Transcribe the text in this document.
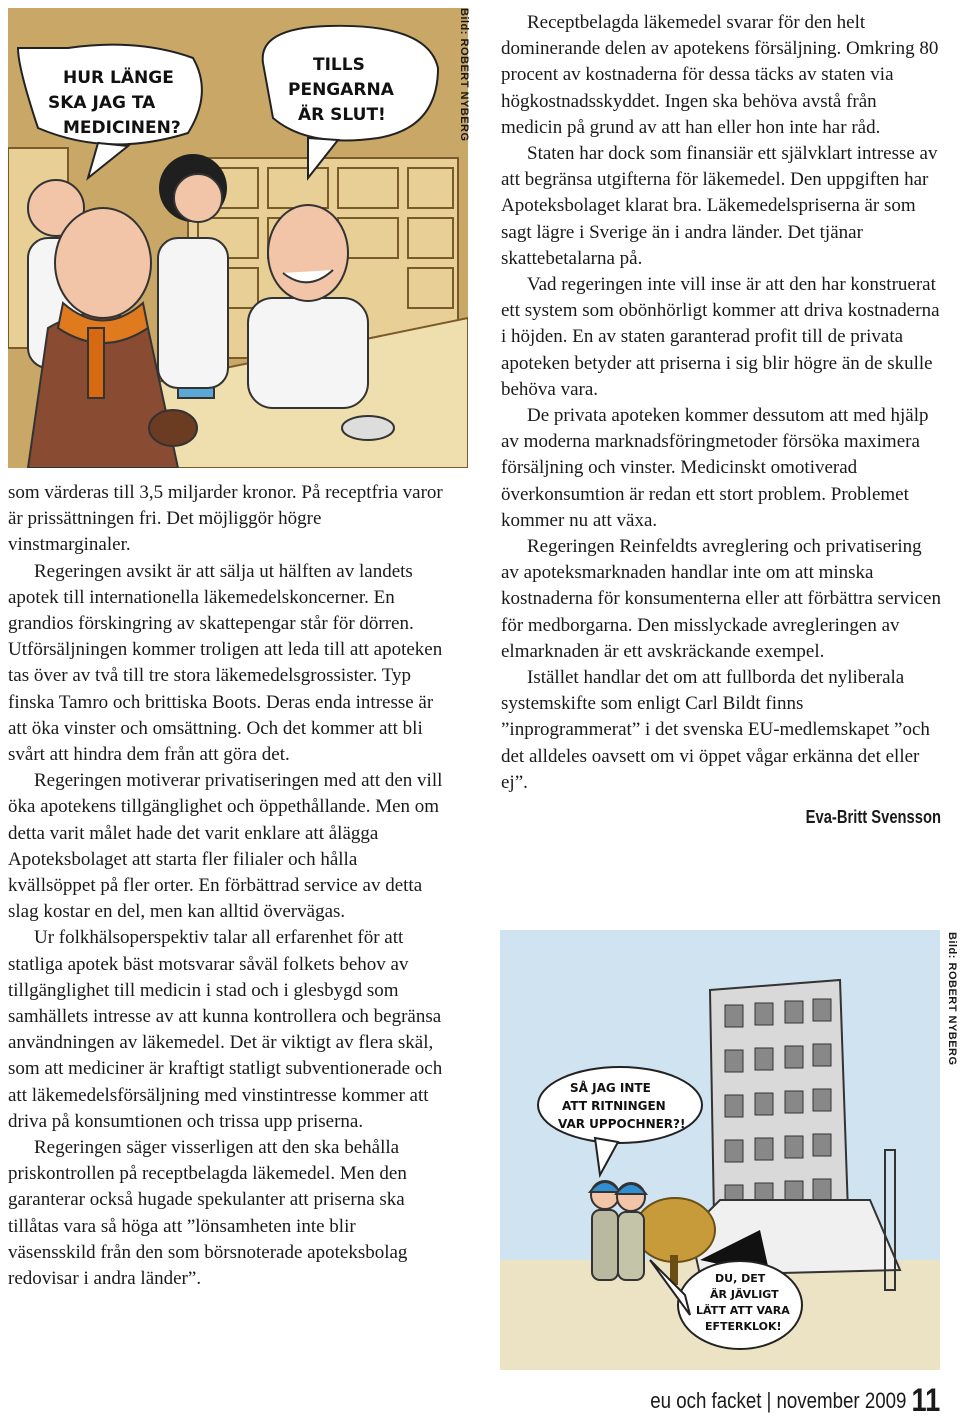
HUR LÄNGE SKA JAG TA MEDICINEN?
TILLS PENGARNA ÄR SLUT!	Bild: ROBERT NYBERG

som värderas till 3,5 miljarder kronor. På receptfria varor är prissättningen fri. Det möjliggör högre vinstmarginaler.

Regeringen avsikt är att sälja ut hälften av landets apotek till internationella läkemedelskoncerner. En grandios förskingring av skattepengar står för dörren. Utförsäljningen kommer troligen att leda till att apoteken tas över av två till tre stora läkemedelsgrossister. Typ finska Tamro och brittiska Boots. Deras enda intresse är att öka vinster och omsättning. Och det kommer att bli svårt att hindra dem från att göra det.

Regeringen motiverar privatiseringen med att den vill öka apotekens tillgänglighet och öppethållande. Men om detta varit målet hade det varit enklare att ålägga Apoteksbolaget att starta fler filialer och hålla kvällsöppet på fler orter. En förbättrad service av detta slag kostar en del, men kan alltid övervägas.

Ur folkhälsoperspektiv talar all erfarenhet för att statliga apotek bäst motsvarar såväl folkets behov av tillgänglighet till medicin i stad och i glesbygd som samhällets intresse av att kunna kontrollera och begränsa användningen av läkemedel. Det är viktigt av flera skäl, som att mediciner är kraftigt statligt subventionerade och att läkemedelsförsäljning med vinstintresse kommer att driva på konsumtionen och trissa upp priserna.

Regeringen säger visserligen att den ska behålla priskontrollen på receptbelagda läkemedel. Men den garanterar också hugade spekulanter att priserna ska tillåtas vara så höga att ”lönsamheten inte blir väsensskild från den som börsnoterade apoteksbolag redovisar i andra länder”.

Receptbelagda läkemedel svarar för den helt dominerande delen av apotekens försäljning. Omkring 80 procent av kostnaderna för dessa täcks av staten via högkostnadsskyddet. Ingen ska behöva avstå från medicin på grund av att han eller hon inte har råd.

Staten har dock som finansiär ett självklart intresse av att begränsa utgifterna för läkemedel. Den uppgiften har Apoteksbolaget klarat bra. Läkemedelspriserna är som sagt lägre i Sverige än i andra länder. Det tjänar skattebetalarna på.

Vad regeringen inte vill inse är att den har konstruerat ett system som obönhörligt kommer att driva kostnaderna i höjden. En av staten garanterad profit till de privata apoteken betyder att priserna i sig blir högre än de skulle behöva vara.

De privata apoteken kommer dessutom att med hjälp av moderna marknadsföringmetoder försöka maximera försäljning och vinster. Medicinskt omotiverad överkonsumtion är redan ett stort problem. Problemet kommer nu att växa.

Regeringen Reinfeldts avreglering och privatisering av apoteksmarknaden handlar inte om att minska kostnaderna för konsumenterna eller att förbättra servicen för medborgarna. Den misslyckade avregleringen av elmarknaden är ett avskräckande exempel.

Istället handlar det om att fullborda det nyliberala systemskifte som enligt Carl Bildt finns ”inprogrammerat” i det svenska EU-medlemskapet ”och det alldeles oavsett om vi öppet vågar erkänna det eller ej”.

Eva-Britt Svensson
SÅ JAG INTE ATT RITNINGEN VAR UPPOCHNER?!
DU, DET ÄR JÄVLIGT LÄTT ATT VARA EFTERKLOK!
Bild: ROBERT NYBERG
eu och facket | november 2009 11
